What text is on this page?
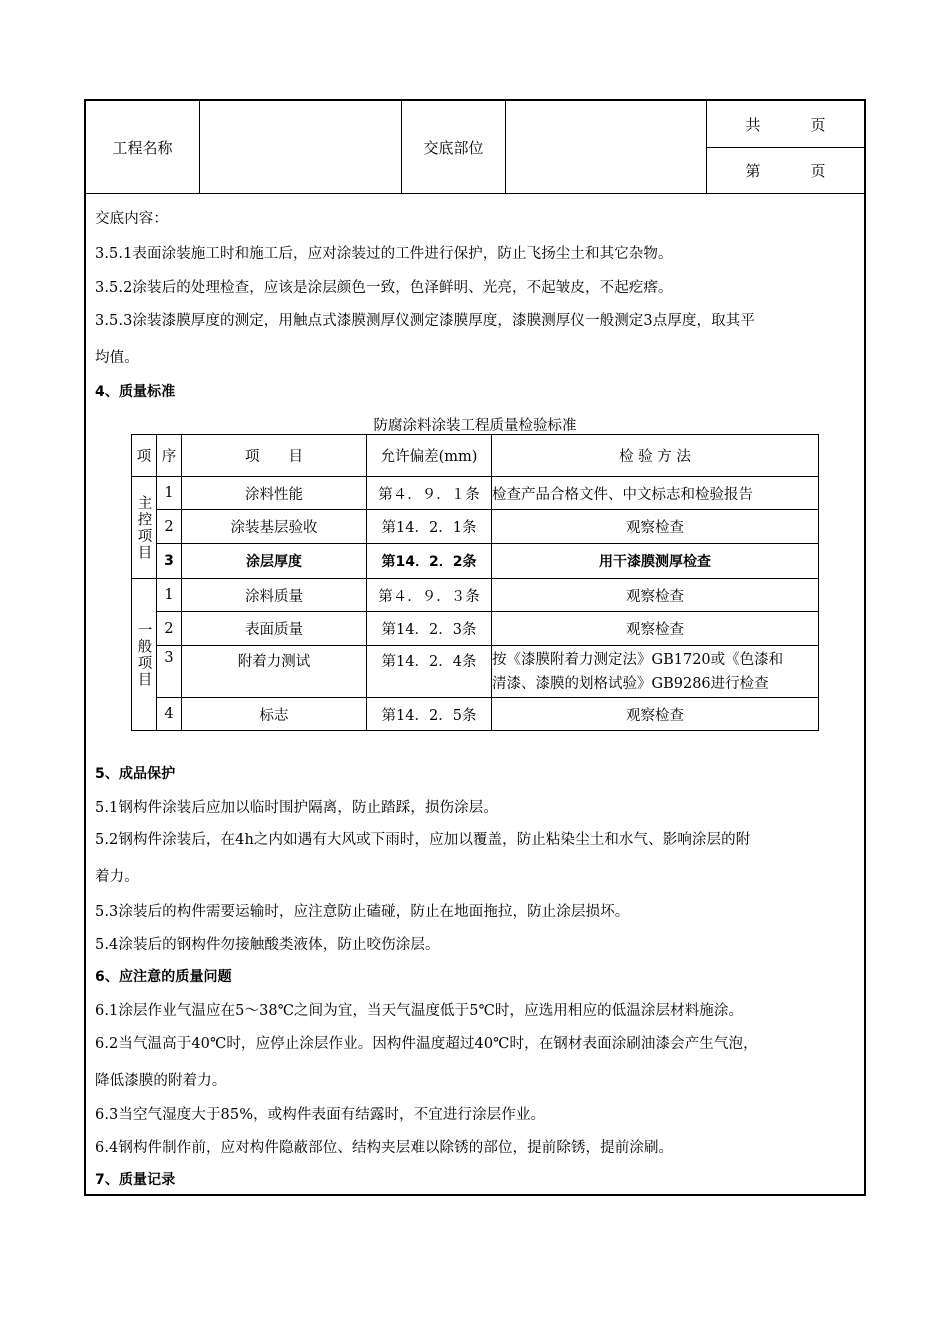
工程名称	交底部位
共	页
第	页
交底内容：
3.5.1表面涂装施工时和施工后，应对涂装过的工件进行保护，防止飞扬尘土和其它杂物。
3.5.2涂装后的处理检查，应该是涂层颜色一致，色泽鲜明、光亮，不起皱皮，不起疙瘩。
3.5.3涂装漆膜厚度的测定，用触点式漆膜测厚仪测定漆膜厚度，漆膜测厚仪一般测定3点厚度，取其平
均值。
4、质量标准
防腐涂料涂装工程质量检验标准
项	序	项　　目	允许偏差(mm)	检 验 方 法
主控项目	1	涂料性能	第４．９．１条	检查产品合格文件、中文标志和检验报告
	2	涂装基层验收	第14．2．1条	观察检查
	3	涂层厚度	第14．2．2条	用干漆膜测厚检查
一般项目	1	涂料质量	第４．９．３条	观察检查
	2	表面质量	第14．2．3条	观察检查
	3	附着力测试	第14．2．4条	按《漆膜附着力测定法》GB1720或《色漆和
清漆、漆膜的划格试验》GB9286进行检查

	4	标志	第14．2．5条	观察检查
5、成品保护
5.1钢构件涂装后应加以临时围护隔离，防止踏踩，损伤涂层。
5.2钢构件涂装后，在4h之内如遇有大风或下雨时，应加以覆盖，防止粘染尘土和水气、影响涂层的附
着力。
5.3涂装后的构件需要运输时，应注意防止磕碰，防止在地面拖拉，防止涂层损坏。
5.4涂装后的钢构件勿接触酸类液体，防止咬伤涂层。
6、应注意的质量问题
6.1涂层作业气温应在5～38℃之间为宜，当天气温度低于5℃时，应选用相应的低温涂层材料施涂。
6.2当气温高于40℃时，应停止涂层作业。因构件温度超过40℃时，在钢材表面涂刷油漆会产生气泡，
降低漆膜的附着力。
6.3当空气湿度大于85%，或构件表面有结露时，不宜进行涂层作业。
6.4钢构件制作前，应对构件隐蔽部位、结构夹层难以除锈的部位，提前除锈，提前涂刷。
7、质量记录
